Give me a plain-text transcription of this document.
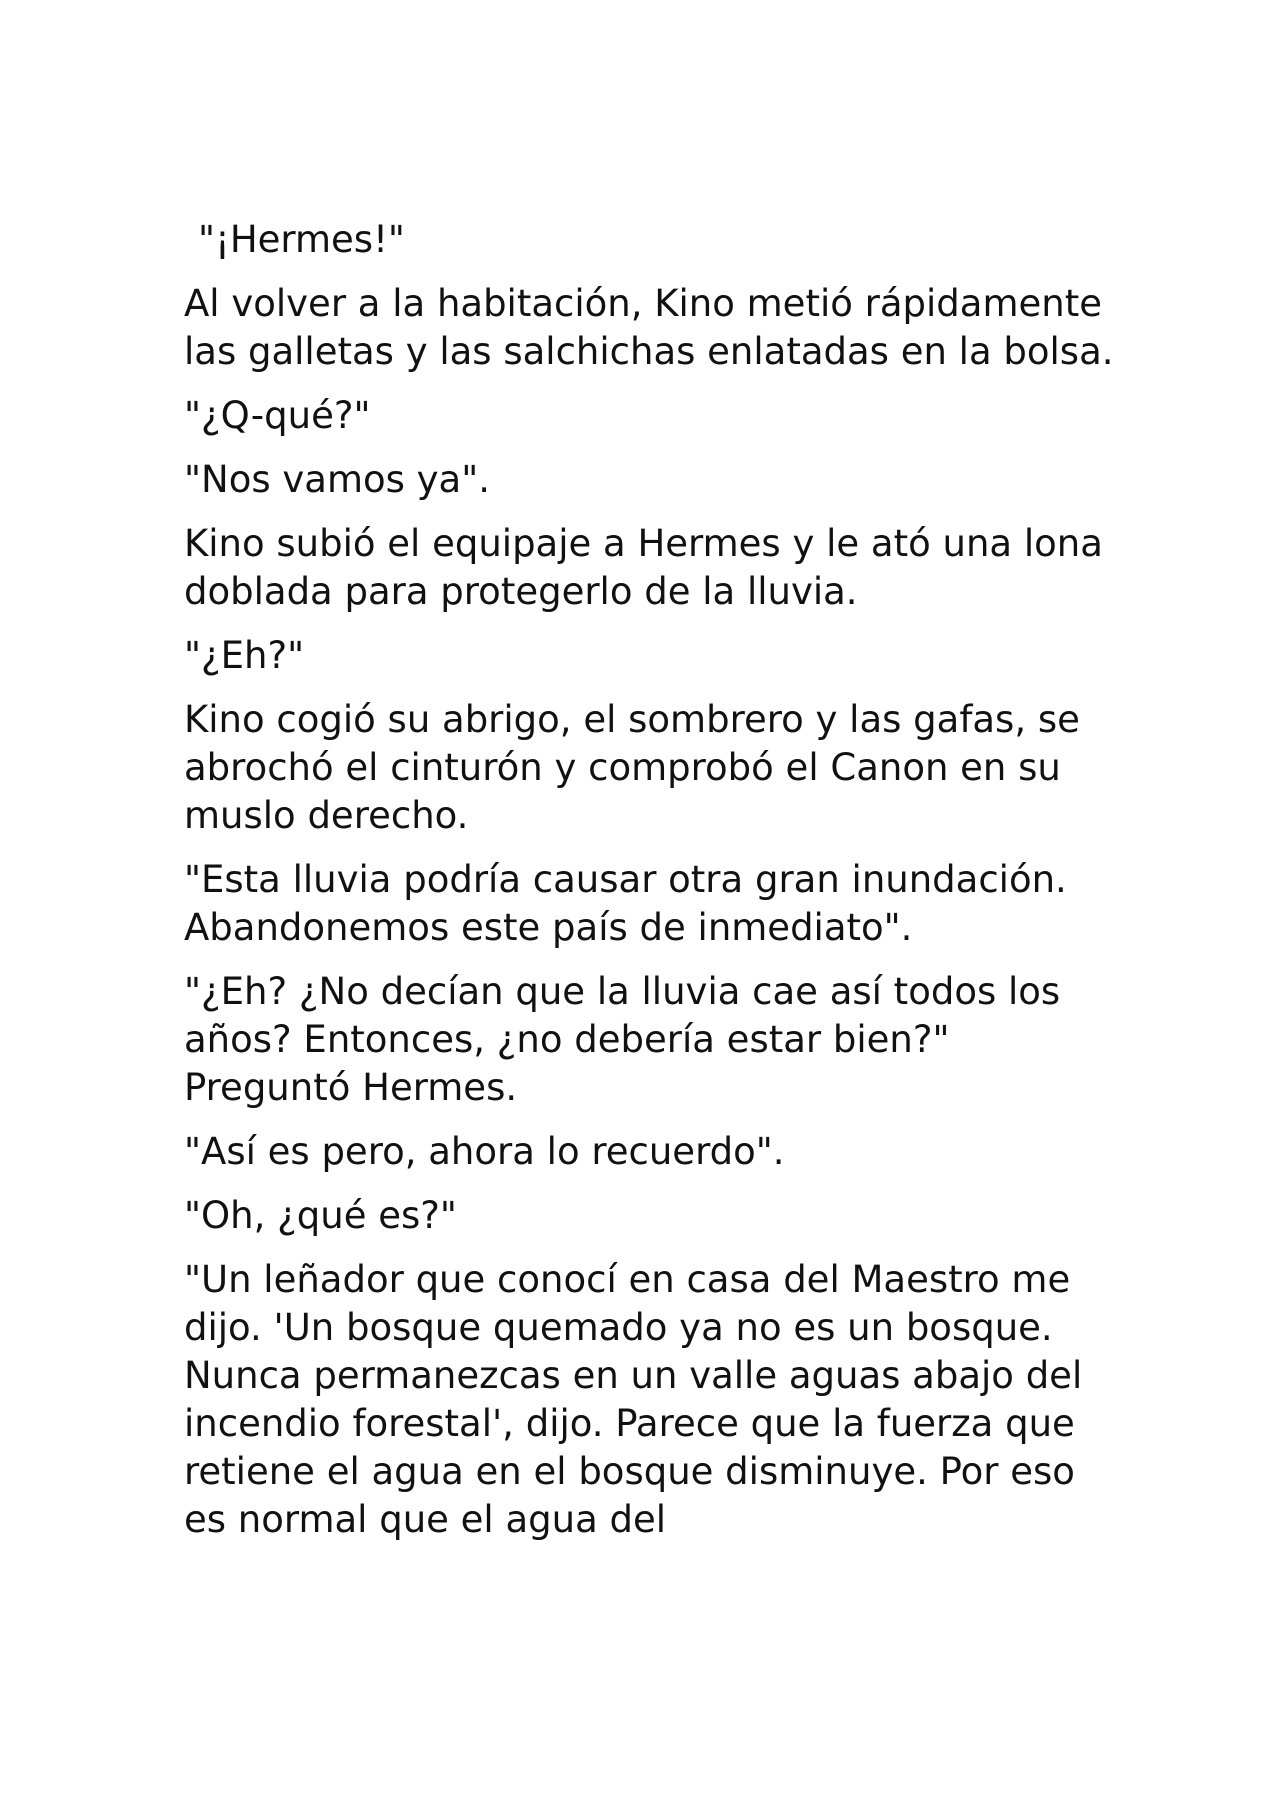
"¡Hermes!"

Al volver a la habitación, Kino metió rápidamente las galletas y las salchichas enlatadas en la bolsa.

"¿Q-qué?"

"Nos vamos ya".

Kino subió el equipaje a Hermes y le ató una lona doblada para protegerlo de la lluvia.

"¿Eh?"

Kino cogió su abrigo, el sombrero y las gafas, se abrochó el cinturón y comprobó el Canon en su muslo derecho.

"Esta lluvia podría causar otra gran inundación. Abandonemos este país de inmediato".

"¿Eh? ¿No decían que la lluvia cae así todos los años? Entonces, ¿no debería estar bien?" Preguntó Hermes.

"Así es pero, ahora lo recuerdo".

"Oh, ¿qué es?"

"Un leñador que conocí en casa del Maestro me dijo. 'Un bosque quemado ya no es un bosque. Nunca permanezcas en un valle aguas abajo del incendio forestal', dijo. Parece que la fuerza que retiene el agua en el bosque disminuye. Por eso es normal que el agua del
